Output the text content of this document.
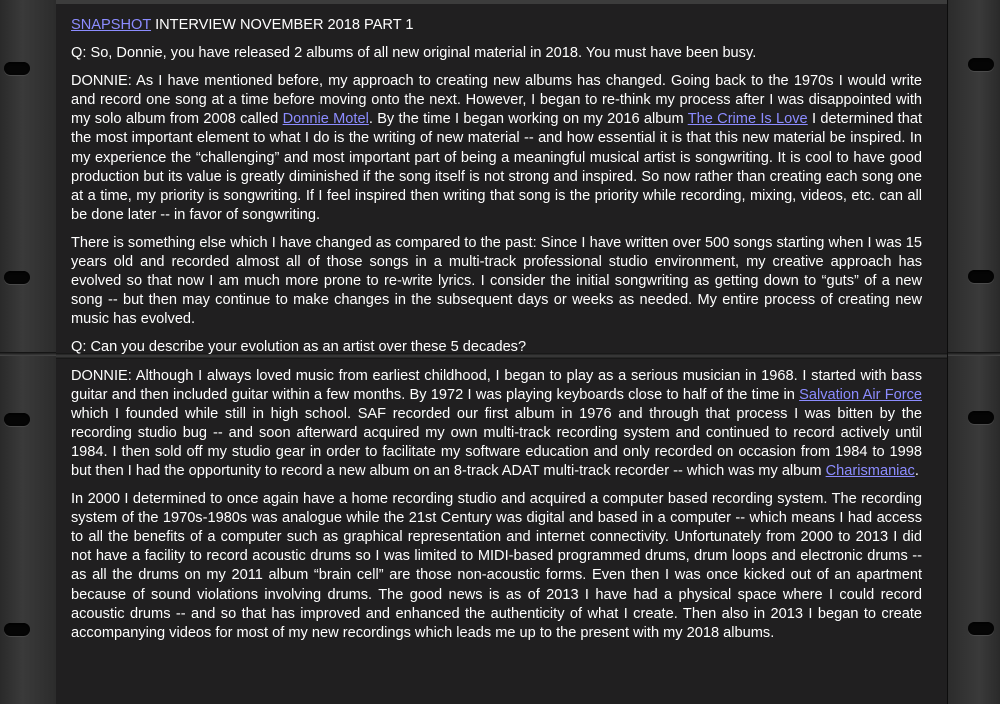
SNAPSHOT INTERVIEW NOVEMBER 2018 PART 1

Q: So, Donnie, you have released 2 albums of all new original material in 2018. You must have been busy.

DONNIE: As I have mentioned before, my approach to creating new albums has changed. Going back to the 1970s I would write and record one song at a time before moving onto the next. However, I began to re-think my process after I was disappointed with my solo album from 2008 called Donnie Motel. By the time I began working on my 2016 album The Crime Is Love I determined that the most important element to what I do is the writing of new material -- and how essential it is that this new material be inspired. In my experience the “challenging” and most important part of being a meaningful musical artist is songwriting. It is cool to have good production but its value is greatly diminished if the song itself is not strong and inspired. So now rather than creating each song one at a time, my priority is songwriting. If I feel inspired then writing that song is the priority while recording, mixing, videos, etc. can all be done later -- in favor of songwriting.

There is something else which I have changed as compared to the past: Since I have written over 500 songs starting when I was 15 years old and recorded almost all of those songs in a multi-track professional studio environment, my creative approach has evolved so that now I am much more prone to re-write lyrics. I consider the initial songwriting as getting down to “guts” of a new song -- but then may continue to make changes in the subsequent days or weeks as needed. My entire process of creating new music has evolved.

Q: Can you describe your evolution as an artist over these 5 decades?

DONNIE: Although I always loved music from earliest childhood, I began to play as a serious musician in 1968. I started with bass guitar and then included guitar within a few months. By 1972 I was playing keyboards close to half of the time in Salvation Air Force which I founded while still in high school. SAF recorded our first album in 1976 and through that process I was bitten by the recording studio bug -- and soon afterward acquired my own multi-track recording system and continued to record actively until 1984. I then sold off my studio gear in order to facilitate my software education and only recorded on occasion from 1984 to 1998 but then I had the opportunity to record a new album on an 8-track ADAT multi-track recorder -- which was my album Charismaniac.

In 2000 I determined to once again have a home recording studio and acquired a computer based recording system. The recording system of the 1970s-1980s was analogue while the 21st Century was digital and based in a computer -- which means I had access to all the benefits of a computer such as graphical representation and internet connectivity. Unfortunately from 2000 to 2013 I did not have a facility to record acoustic drums so I was limited to MIDI-based programmed drums, drum loops and electronic drums -- as all the drums on my 2011 album “brain cell” are those non-acoustic forms. Even then I was once kicked out of an apartment because of sound violations involving drums. The good news is as of 2013 I have had a physical space where I could record acoustic drums -- and so that has improved and enhanced the authenticity of what I create. Then also in 2013 I began to create accompanying videos for most of my new recordings which leads me up to the present with my 2018 albums.
